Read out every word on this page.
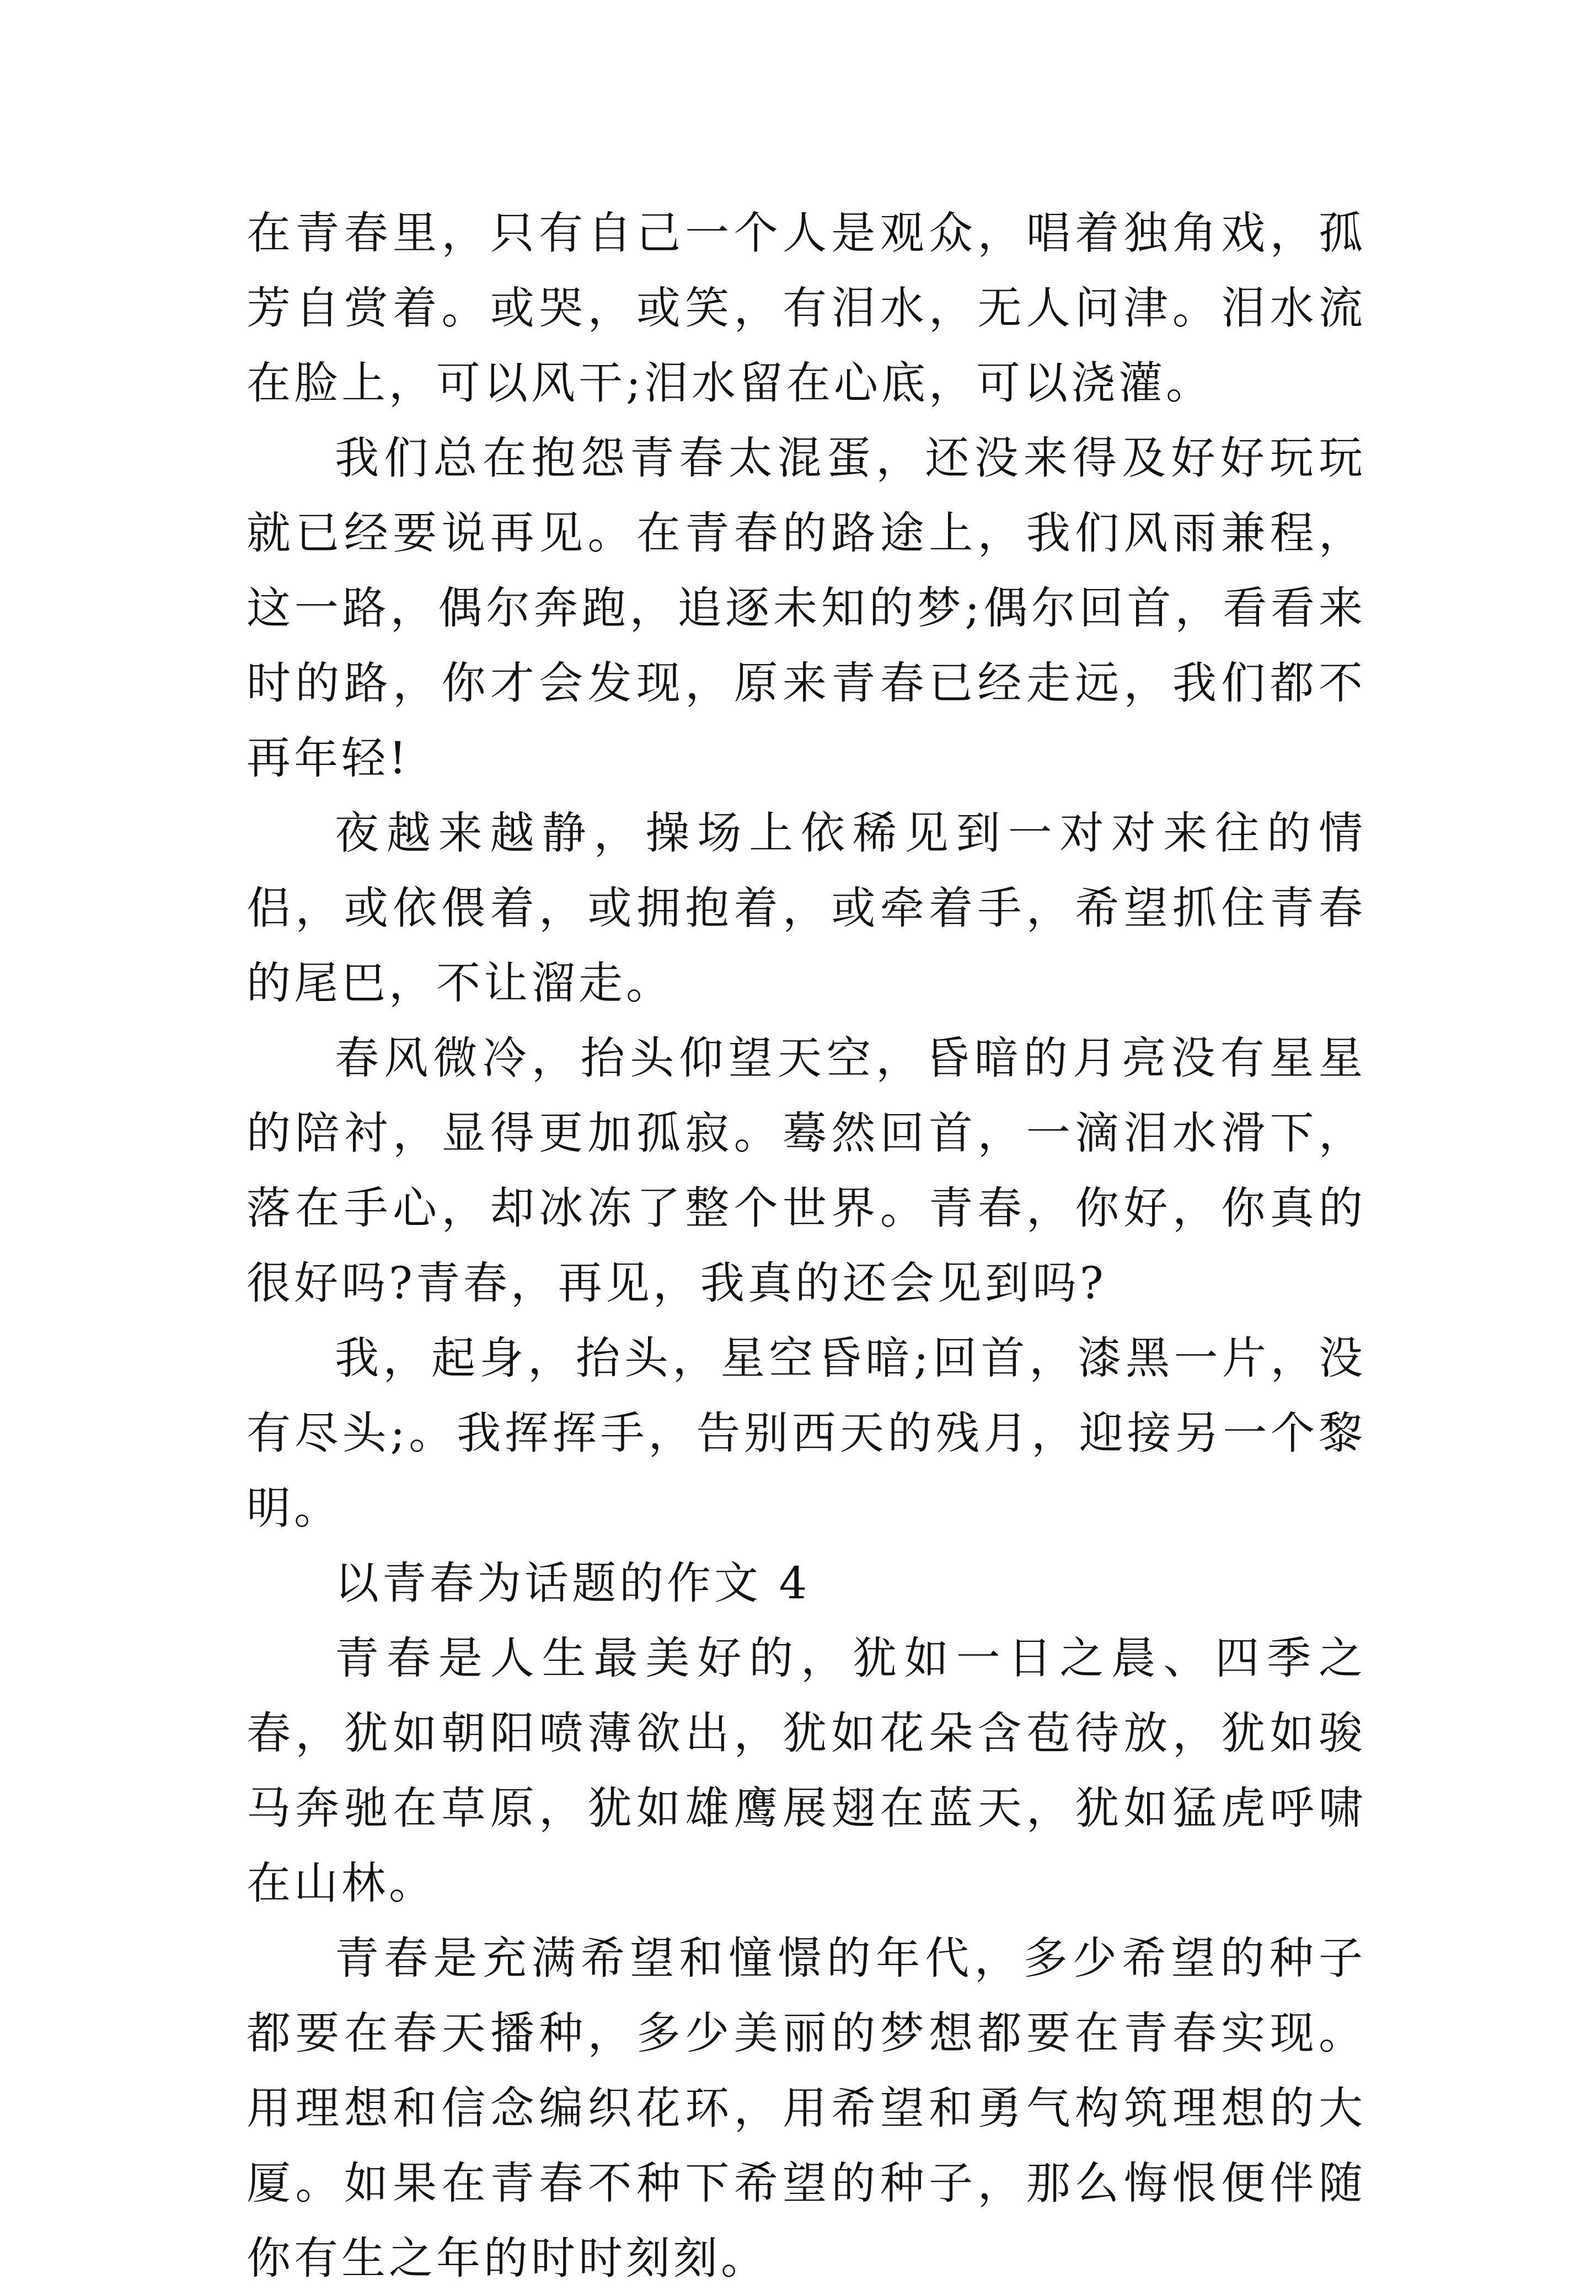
在青春里，只有自己一个人是观众，唱着独角戏，孤芳自赏着。或哭，或笑，有泪水，无人问津。泪水流在脸上，可以风干;泪水留在心底，可以浇灌。

我们总在抱怨青春太混蛋，还没来得及好好玩玩就已经要说再见。在青春的路途上，我们风雨兼程，这一路，偶尔奔跑，追逐未知的梦;偶尔回首，看看来时的路，你才会发现，原来青春已经走远，我们都不再年轻!

夜越来越静，操场上依稀见到一对对来往的情侣，或依偎着，或拥抱着，或牵着手，希望抓住青春的尾巴，不让溜走。

春风微冷，抬头仰望天空，昏暗的月亮没有星星的陪衬，显得更加孤寂。蓦然回首，一滴泪水滑下，落在手心，却冰冻了整个世界。青春，你好，你真的很好吗?青春，再见，我真的还会见到吗?

我，起身，抬头，星空昏暗;回首，漆黑一片，没有尽头;。我挥挥手，告别西天的残月，迎接另一个黎明。

以青春为话题的作文 4

青春是人生最美好的，犹如一日之晨、四季之春，犹如朝阳喷薄欲出，犹如花朵含苞待放，犹如骏马奔驰在草原，犹如雄鹰展翅在蓝天，犹如猛虎呼啸在山林。

青春是充满希望和憧憬的年代，多少希望的种子都要在春天播种，多少美丽的梦想都要在青春实现。用理想和信念编织花环，用希望和勇气构筑理想的大厦。如果在青春不种下希望的种子，那么悔恨便伴随你有生之年的时时刻刻。
